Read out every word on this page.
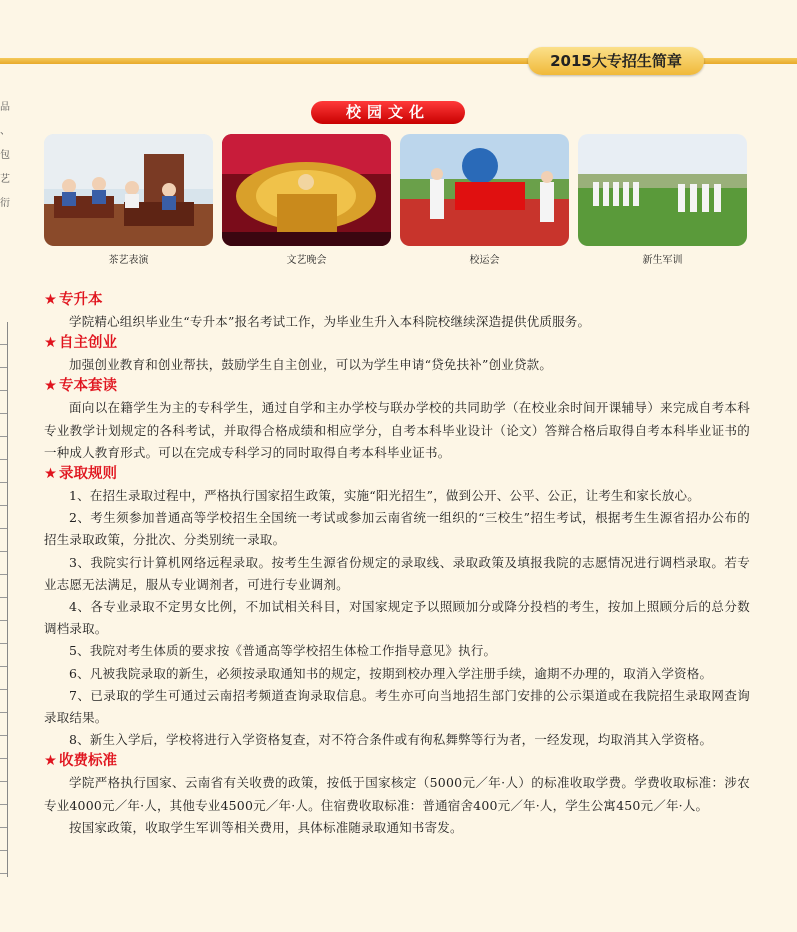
2015大专招生简章
品
、
包
艺
衍
校园文化
茶艺表演	文艺晚会	校运会	新生军训
★ 专升本

学院精心组织毕业生“专升本”报名考试工作，为毕业生升入本科院校继续深造提供优质服务。

★ 自主创业

加强创业教育和创业帮扶，鼓励学生自主创业，可以为学生申请“贷免扶补”创业贷款。

★ 专本套读

面向以在籍学生为主的专科学生，通过自学和主办学校与联办学校的共同助学（在校业余时间开课辅导）来完成自考本科专业教学计划规定的各科考试，并取得合格成绩和相应学分，自考本科毕业设计（论文）答辩合格后取得自考本科毕业证书的一种成人教育形式。可以在完成专科学习的同时取得自考本科毕业证书。

★ 录取规则

1、在招生录取过程中，严格执行国家招生政策，实施“阳光招生”，做到公开、公平、公正，让考生和家长放心。

2、考生须参加普通高等学校招生全国统一考试或参加云南省统一组织的“三校生”招生考试，根据考生生源省招办公布的招生录取政策，分批次、分类别统一录取。

3、我院实行计算机网络远程录取。按考生生源省份规定的录取线、录取政策及填报我院的志愿情况进行调档录取。若专业志愿无法满足，服从专业调剂者，可进行专业调剂。

4、各专业录取不定男女比例，不加试相关科目，对国家规定予以照顾加分或降分投档的考生，按加上照顾分后的总分数调档录取。

5、我院对考生体质的要求按《普通高等学校招生体检工作指导意见》执行。

6、凡被我院录取的新生，必须按录取通知书的规定，按期到校办理入学注册手续，逾期不办理的，取消入学资格。

7、已录取的学生可通过云南招考频道查询录取信息。考生亦可向当地招生部门安排的公示渠道或在我院招生录取网查询录取结果。

8、新生入学后，学校将进行入学资格复查，对不符合条件或有徇私舞弊等行为者，一经发现，均取消其入学资格。

★ 收费标准

学院严格执行国家、云南省有关收费的政策，按低于国家核定（5000元／年·人）的标准收取学费。学费收取标准：涉农专业4000元／年·人，其他专业4500元／年·人。住宿费收取标准：普通宿舍400元／年·人，学生公寓450元／年·人。

按国家政策，收取学生军训等相关费用，具体标准随录取通知书寄发。
